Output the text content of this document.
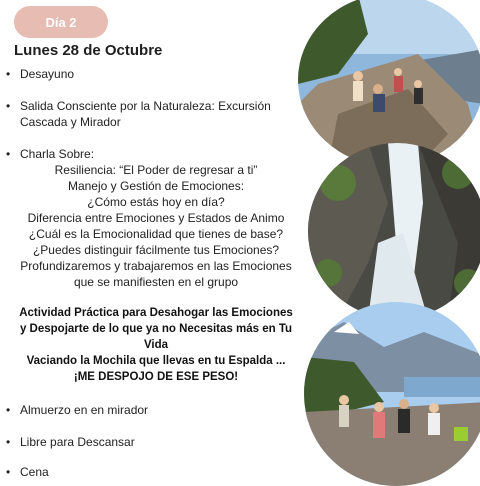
Día 2
Lunes 28 de Octubre
• Desayuno
• Salida Consciente por la Naturaleza: Excursión
Cascada y Mirador
• Charla Sobre:
Resiliencia: “El Poder de regresar a ti”
Manejo y Gestión de Emociones:
¿Cómo estás hoy en día?
Diferencia entre Emociones y Estados de Animo
¿Cuál es la Emocionalidad que tienes de base?
¿Puedes distinguir fácilmente tus Emociones?
Profundizaremos y trabajaremos en las Emociones
que se manifiesten en el grupo
Actividad Práctica para Desahogar las Emociones
y Despojarte de lo que ya no Necesitas más en Tu
Vida
Vaciando la Mochila que llevas en tu Espalda ...
¡ME DESPOJO DE ESE PESO!
• Almuerzo en en mirador
• Libre para Descansar
• Cena
